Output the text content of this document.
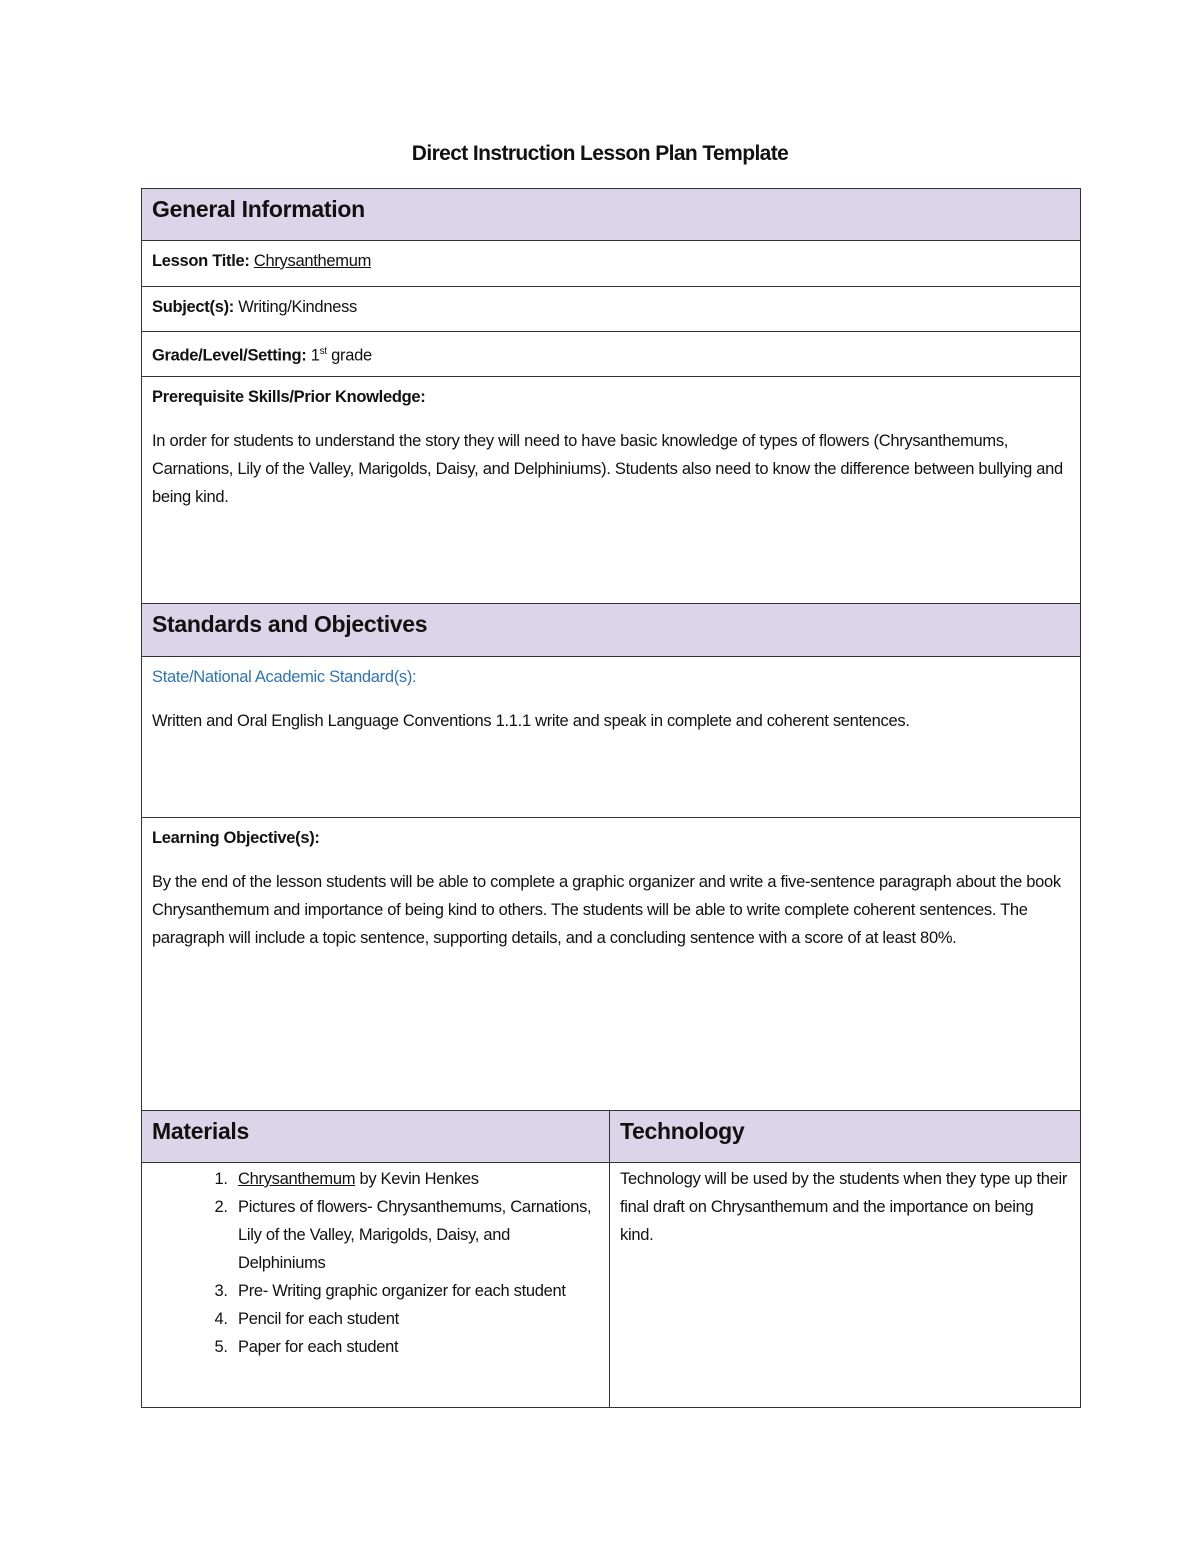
Direct Instruction Lesson Plan Template
General Information
Lesson Title: Chrysanthemum
Subject(s): Writing/Kindness
Grade/Level/Setting: 1st grade

Prerequisite Skills/Prior Knowledge:

In order for students to understand the story they will need to have basic knowledge of types of flowers (Chrysanthemums, Carnations, Lily of the Valley, Marigolds, Daisy, and Delphiniums). Students also need to know the difference between bullying and being kind.

Standards and Objectives

State/National Academic Standard(s):

Written and Oral English Language Conventions 1.1.1 write and speak in complete and coherent sentences.

Learning Objective(s):

By the end of the lesson students will be able to complete a graphic organizer and write a five-sentence paragraph about the book Chrysanthemum and importance of being kind to others. The students will be able to write complete coherent sentences. The paragraph will include a topic sentence, supporting details, and a concluding sentence with a score of at least 80%.

Materials	Technology
1. Chrysanthemum by Kevin Henkes
2. Pictures of flowers- Chrysanthemums, Carnations, Lily of the Valley, Marigolds, Daisy, and Delphiniums
3. Pre- Writing graphic organizer for each student
4. Pencil for each student
5. Paper for each student

Technology will be used by the students when they type up their final draft on Chrysanthemum and the importance on being kind.
